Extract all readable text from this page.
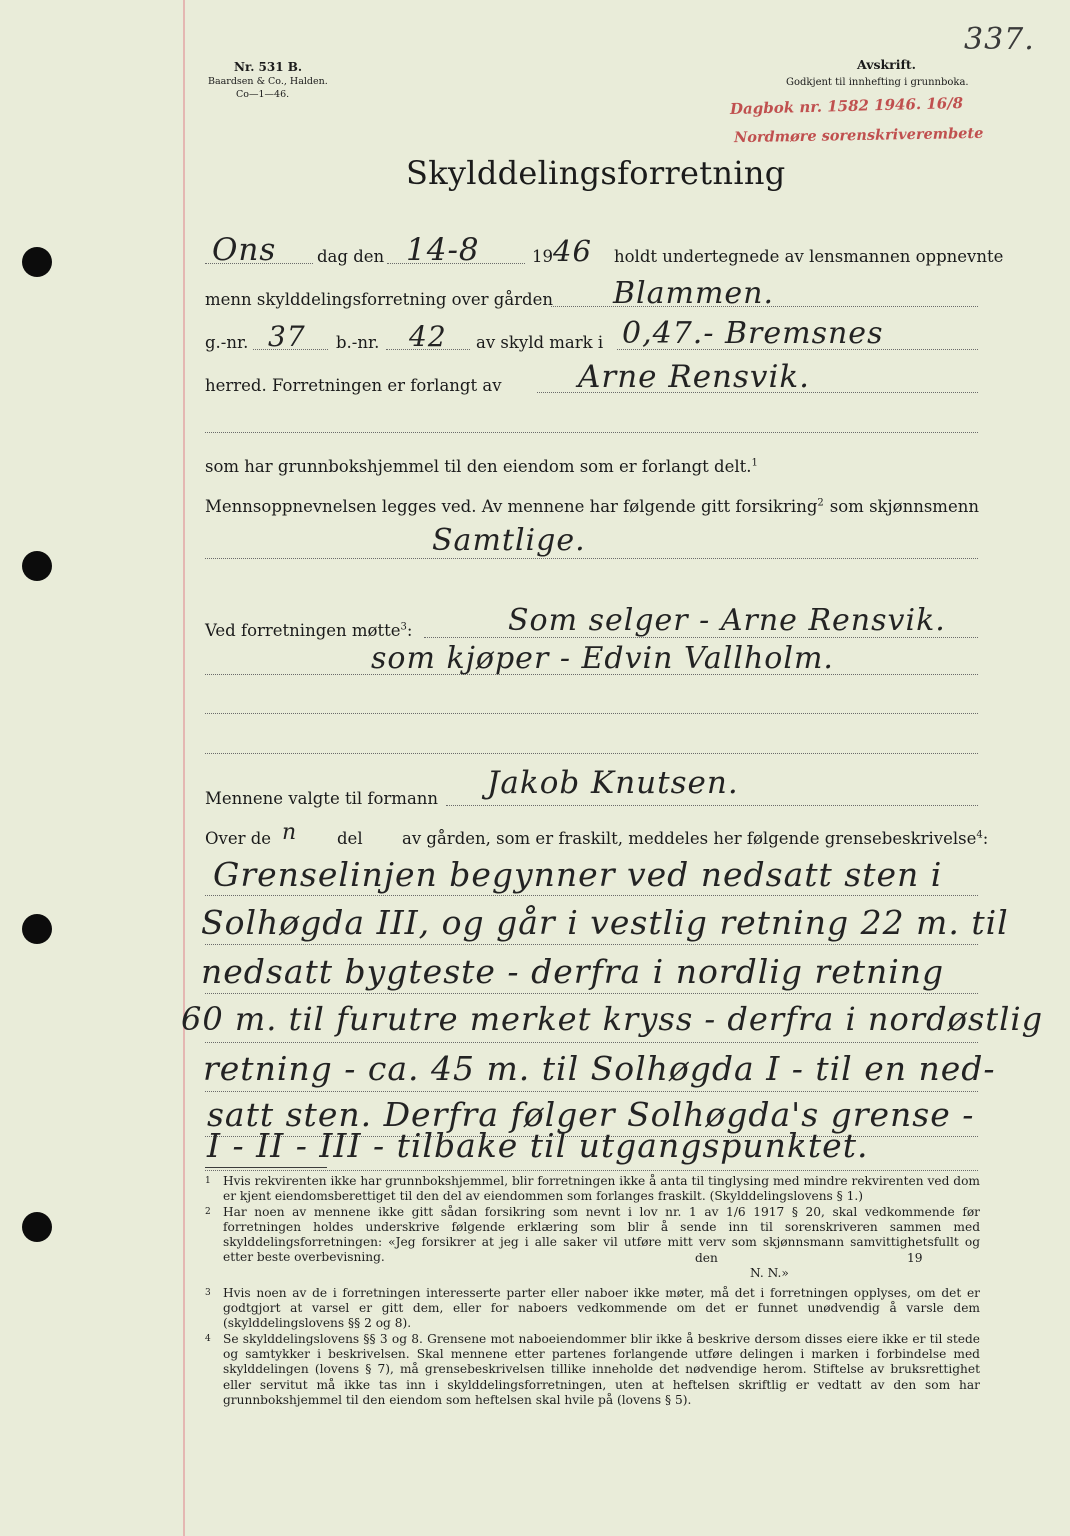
Nr. 531 B.
Baardsen & Co., Halden.
Co—1—46.
Avskrift.
Godkjent til innhefting i grunnboka.
337.
Dagbok nr. 1582 1946. 16/8
Nordmøre sorenskriverembete
Skylddelingsforretning
Ons dag den 14-8	19 46 holdt undertegnede av lensmannen oppnevnte
menn skylddelingsforretning over gården Blammen.
g.-nr. 37 b.-nr. 42 av skyld mark i 0,47.- Bremsnes
herred. Forretningen er forlangt av Arne Rensvik.
som har grunnbokshjemmel til den eiendom som er forlangt delt.$^1$
Mennsoppnevnelsen legges ved. Av mennene har følgende gitt forsikring$^2$ som skjønnsmenn
Samtlige.
Ved forretningen møtte$^3$:	Som selger - Arne Rensvik.
som kjøper - Edvin Vallholm.
Mennene valgte til formann Jakob Knutsen.
Over de n del av gården, som er fraskilt, meddeles her følgende grensebeskrivelse$^4$:
Grenselinjen begynner ved nedsatt sten i
Solhøgda III, og går i vestlig retning 22 m. til
nedsatt bygteste - derfra i nordlig retning
60 m. til furutre merket kryss - derfra i nordøstlig
retning - ca. 45 m. til Solhøgda I - til en ned-
satt sten. Derfra følger Solhøgda's grense -
I - II - III - tilbake til utgangspunktet.
1 Hvis rekvirenten ikke har grunnbokshjemmel, blir forretningen ikke å anta til tinglysing med mindre rekvirenten ved dom er kjent eiendomsberettiget til den del av eiendommen som forlanges fraskilt. (Skylddelingslovens § 1.)
2 Har noen av mennene ikke gitt sådan forsikring som nevnt i lov nr. 1 av 1/6 1917 § 20, skal vedkommende før forretningen holdes underskrive følgende erklæring som blir å sende inn til sorenskriveren sammen med skylddelingsforretningen: «Jeg forsikrer at jeg i alle saker vil utføre mitt verv som skjønnsmann samvittighetsfullt og etter beste overbevisning.	den	19
N. N.»
3 Hvis noen av de i forretningen interesserte parter eller naboer ikke møter, må det i forretningen opplyses, om det er godtgjort at varsel er gitt dem, eller for naboers vedkommende om det er funnet unødvendig å varsle dem (skylddelingslovens §§ 2 og 8).
4 Se skylddelingslovens §§ 3 og 8. Grensene mot naboeiendommer blir ikke å beskrive dersom disses eiere ikke er til stede og samtykker i beskrivelsen. Skal mennene etter partenes forlangende utføre delingen i marken i forbindelse med skylddelingen (lovens § 7), må grensebeskrivelsen tillike inneholde det nødvendige herom. Stiftelse av bruksrettighet eller servitut må ikke tas inn i skylddelingsforretningen, uten at heftelsen skriftlig er vedtatt av den som har grunnbokshjemmel til den eiendom som heftelsen skal hvile på (lovens § 5).
